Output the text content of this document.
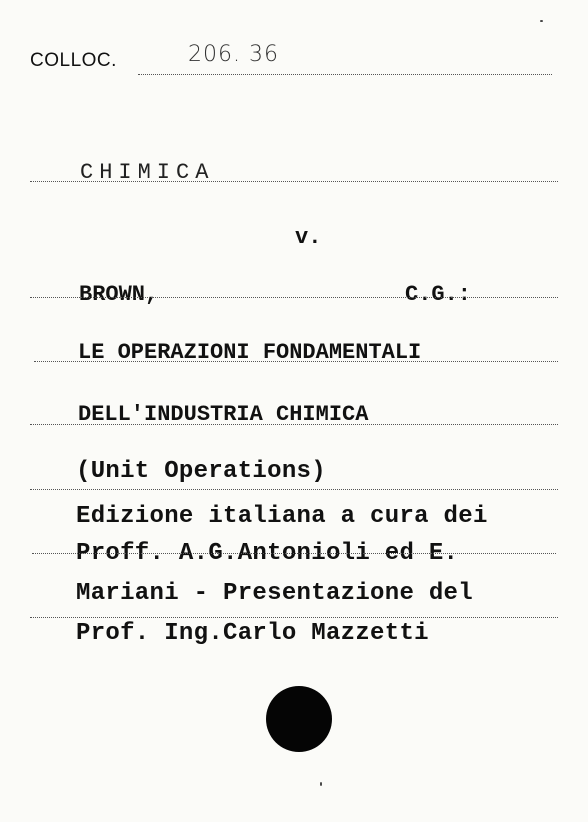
COLLOC.	206. 36
CHIMICA
v.
BROWN,	C.G.:
LE OPERAZIONI FONDAMENTALI
DELL'INDUSTRIA CHIMICA
(Unit Operations)
Edizione italiana a cura dei
Proff. A.G.Antonioli ed E.
Mariani - Presentazione del
Prof. Ing.Carlo Mazzetti
